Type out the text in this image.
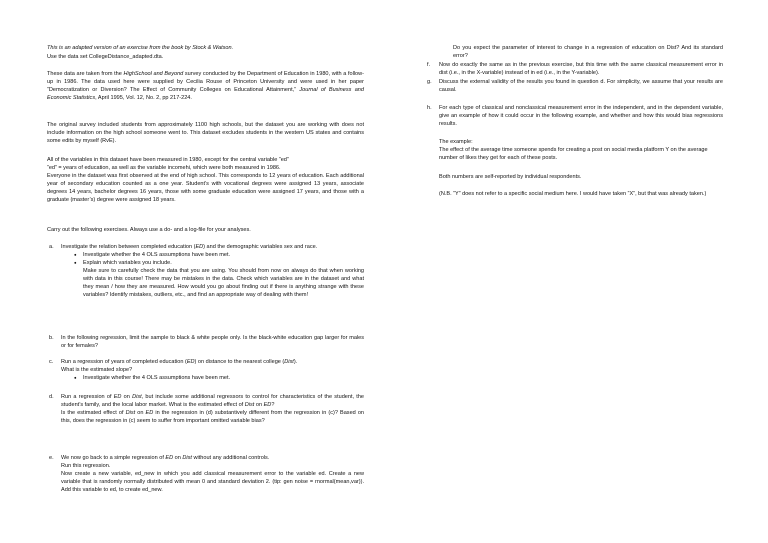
This is an adapted version of an exercise from the book by Stock & Watson.

Use the data set CollegeDistance_adapted.dta.

These data are taken from the HighSchool and Beyond survey conducted by the Department of Education in 1980, with a follow-up in 1986. The data used here were supplied by Cecilia Rouse of Princeton University and were used in her paper “Democratization or Diversion? The Effect of Community Colleges on Educational Attainment,” Journal of Business and Economic Statistics, April 1995, Vol. 12, No. 2, pp 217-224.

The original survey included students from approximately 1100 high schools, but the dataset you are working with does not include information on the high school someone went to. This dataset excludes students in the western US states and contains some edits by myself (RvE).

All of the variables in this dataset have been measured in 1980, except for the central variable “ed”

“ed” = years of education, as well as the variable incomehi, which were both measured in 1986.

Everyone in the dataset was first observed at the end of high school. This corresponds to 12 years of education. Each additional year of secondary education counted as a one year. Student’s with vocational degrees were assigned 13 years, associate degrees 14 years, bachelor degrees 16 years, those with some graduate education were assigned 17 years, and those with a graduate (master’s) degree were assigned 18 years.

Carry out the following exercises. Always use a do- and a log-file for your analyses.

a. Investigate the relation between completed education (ED) and the demographic variables sex and race.

● Investigate whether the 4 OLS assumptions have been met.
● Explain which variables you include.

Make sure to carefully check the data that you are using. You should from now on always do that when working with data in this course! There may be mistakes in the data. Check which variables are in the dataset and what they mean / how they are measured. How would you go about finding out if there is anything strange with these variables? Identify mistakes, outliers, etc., and find an appropriate way of dealing with them!
b. In the following regression, limit the sample to black & white people only. Is the black-white education gap larger for males or for females?

c. Run a regression of years of completed education (ED) on distance to the nearest college (Dist).

What is the estimated slope?

● Investigate whether the 4 OLS assumptions have been met.
d. Run a regression of ED on Dist, but include some additional regressors to control for characteristics of the student, the student’s family, and the local labor market. What is the estimated effect of Dist on ED?

Is the estimated effect of Dist on ED in the regression in (d) substantively different from the regression in (c)? Based on this, does the regression in (c) seem to suffer from important omitted variable bias?

e. We now go back to a simple regression of ED on Dist without any additional controls.

Run this regression.

Now create a new variable, ed_new in which you add classical measurement error to the variable ed. Create a new variable that is randomly normally distributed with mean 0 and standard deviation 2. (tip: gen noise = rnormal(mean,var)). Add this variable to ed, to create ed_new.

Do you expect the parameter of interest to change in a regression of education on Dist? And its standard error?

f. Now do exactly the same as in the previous exercise, but this time with the same classical measurement error in dist (i.e., in the X-variable) instead of in ed (i.e., in the Y-variable).

g. Discuss the external validity of the results you found in question d. For simplicity, we assume that your results are causal.

h. For each type of classical and nonclassical measurement error in the independent, and in the dependent variable, give an example of how it could occur in the following example, and whether and how this would bias regressions results.

The example:

The effect of the average time someone spends for creating a post on social media platform Y on the average number of likes they get for each of these posts.

Both numbers are self-reported by individual respondents.

(N.B. “Y” does not refer to a specific social medium here. I would have taken “X”, but that was already taken.)
